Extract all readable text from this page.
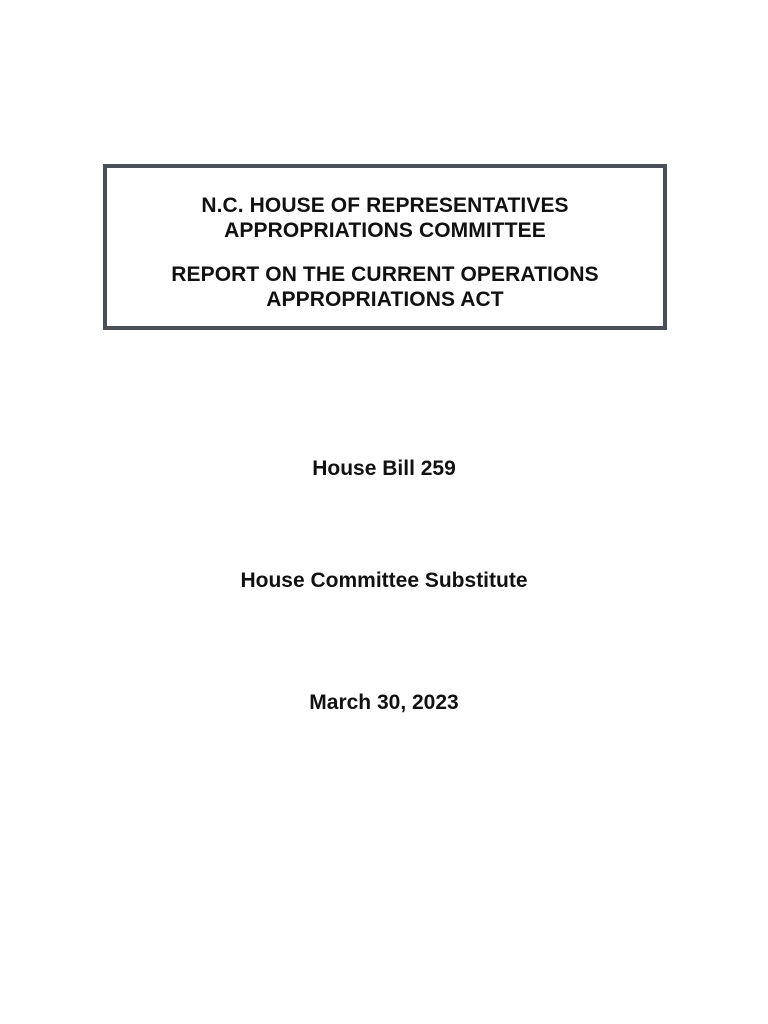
N.C. HOUSE OF REPRESENTATIVES
APPROPRIATIONS COMMITTEE
REPORT ON THE CURRENT OPERATIONS
APPROPRIATIONS ACT
House Bill 259
House Committee Substitute
March 30, 2023
